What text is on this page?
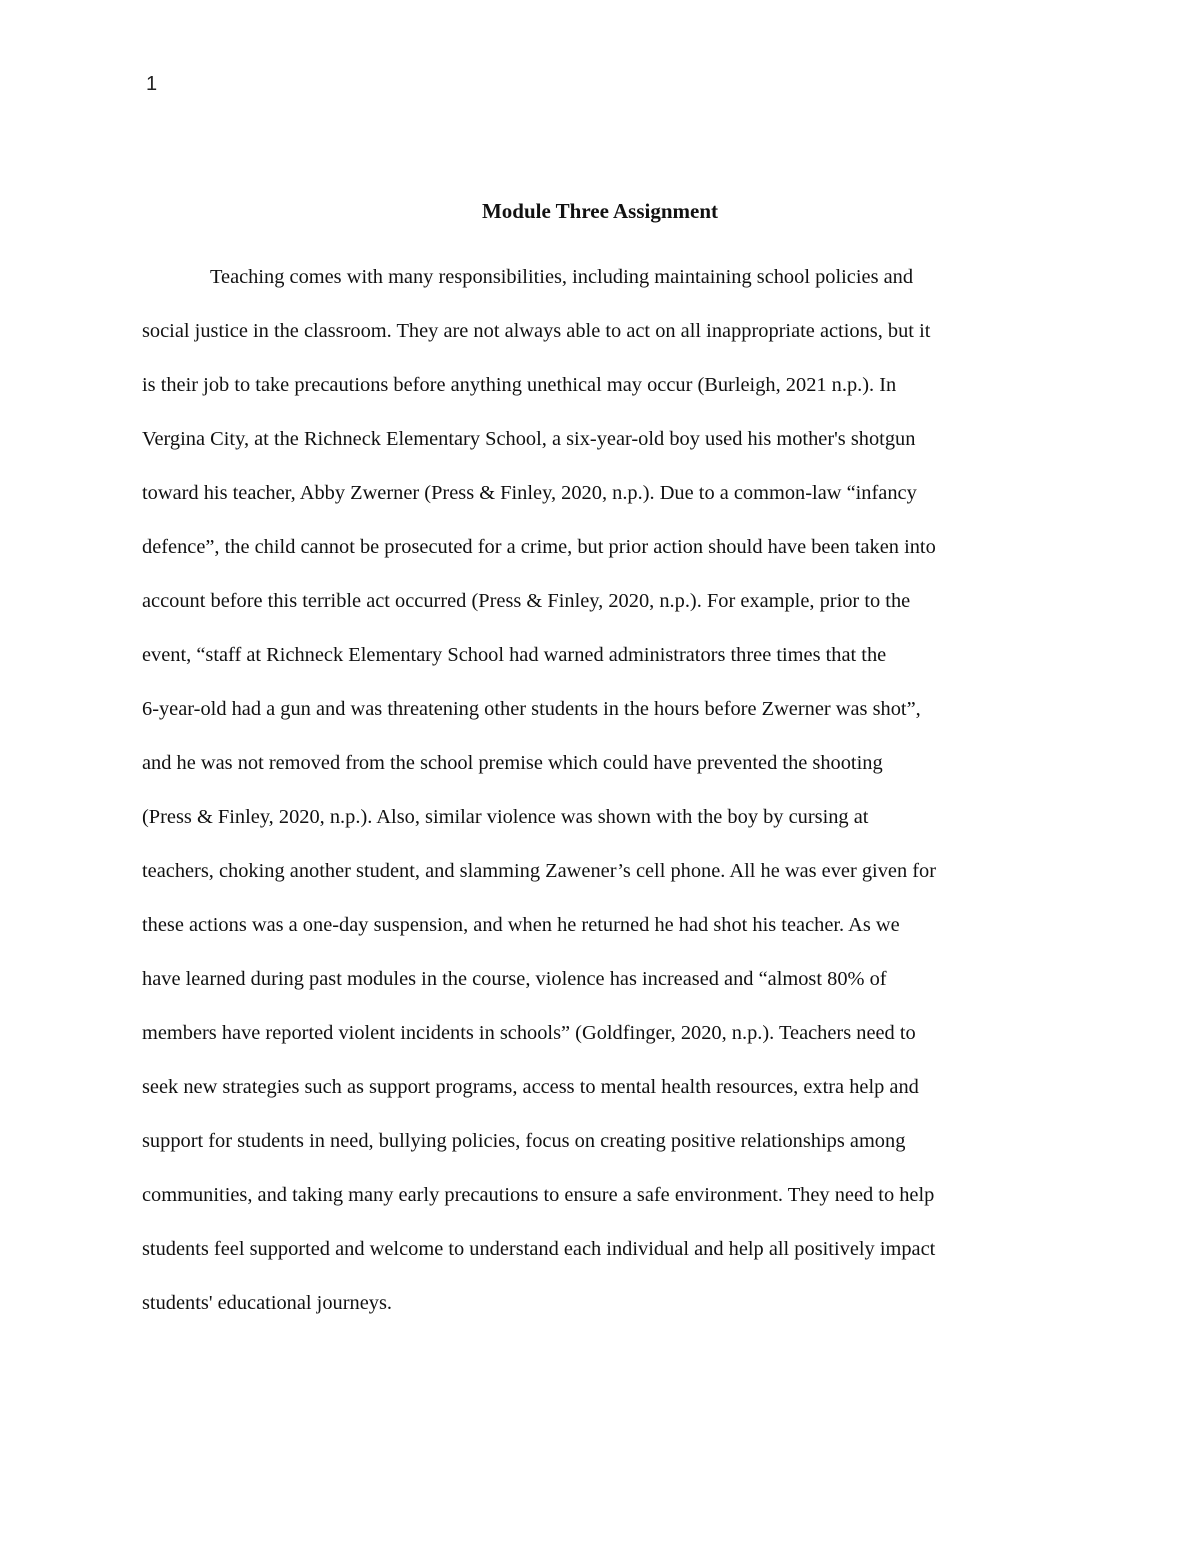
1
Module Three Assignment
Teaching comes with many responsibilities, including maintaining school policies and
social justice in the classroom. They are not always able to act on all inappropriate actions, but it
is their job to take precautions before anything unethical may occur (Burleigh, 2021 n.p.). In
Vergina City, at the Richneck Elementary School, a six-year-old boy used his mother's shotgun
toward his teacher, Abby Zwerner (Press & Finley, 2020, n.p.). Due to a common-law “infancy
defence”, the child cannot be prosecuted for a crime, but prior action should have been taken into
account before this terrible act occurred (Press & Finley, 2020, n.p.). For example, prior to the
event, “staff at Richneck Elementary School had warned administrators three times that the
6-year-old had a gun and was threatening other students in the hours before Zwerner was shot”,
and he was not removed from the school premise which could have prevented the shooting
(Press & Finley, 2020, n.p.). Also, similar violence was shown with the boy by cursing at
teachers, choking another student, and slamming Zawener’s cell phone. All he was ever given for
these actions was a one-day suspension, and when he returned he had shot his teacher. As we
have learned during past modules in the course, violence has increased and “almost 80% of
members have reported violent incidents in schools” (Goldfinger, 2020, n.p.). Teachers need to
seek new strategies such as support programs, access to mental health resources, extra help and
support for students in need, bullying policies, focus on creating positive relationships among
communities, and taking many early precautions to ensure a safe environment. They need to help
students feel supported and welcome to understand each individual and help all positively impact
students' educational journeys.
